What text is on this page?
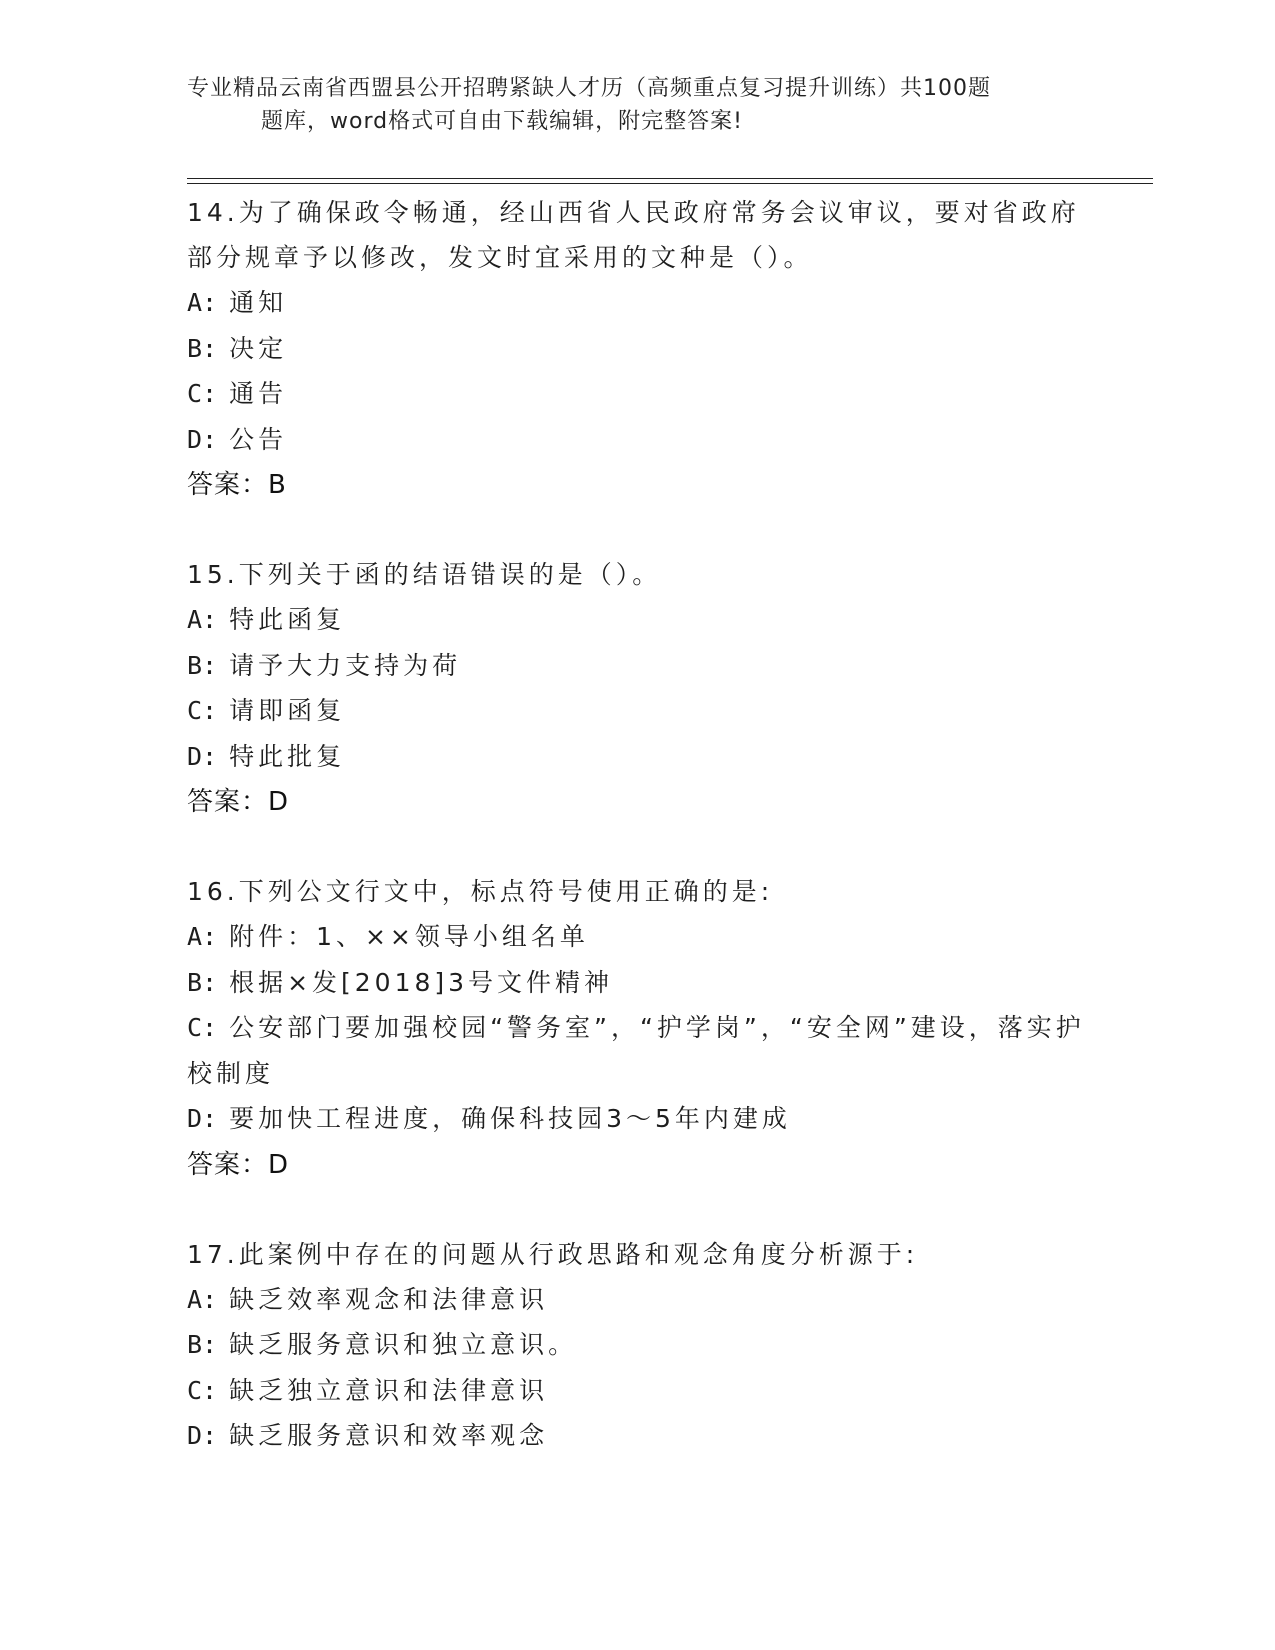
专业精品云南省西盟县公开招聘紧缺人才历（高频重点复习提升训练）共100题
题库，word格式可自由下载编辑，附完整答案!

14.为了确保政令畅通，经山西省人民政府常务会议审议，要对省政府部分规章予以修改，发文时宜采用的文种是（）。

A: 通知

B: 决定

C: 通告

D: 公告

答案：B

15.下列关于函的结语错误的是（）。

A: 特此函复

B: 请予大力支持为荷

C: 请即函复

D: 特此批复

答案：D

16.下列公文行文中，标点符号使用正确的是:

A: 附件：1、××领导小组名单

B: 根据×发[2018]3号文件精神

C: 公安部门要加强校园“警务室”，“护学岗”，“安全网”建设，落实护校制度

D: 要加快工程进度，确保科技园3～5年内建成

答案：D

17.此案例中存在的问题从行政思路和观念角度分析源于:

A: 缺乏效率观念和法律意识

B: 缺乏服务意识和独立意识。

C: 缺乏独立意识和法律意识

D: 缺乏服务意识和效率观念
